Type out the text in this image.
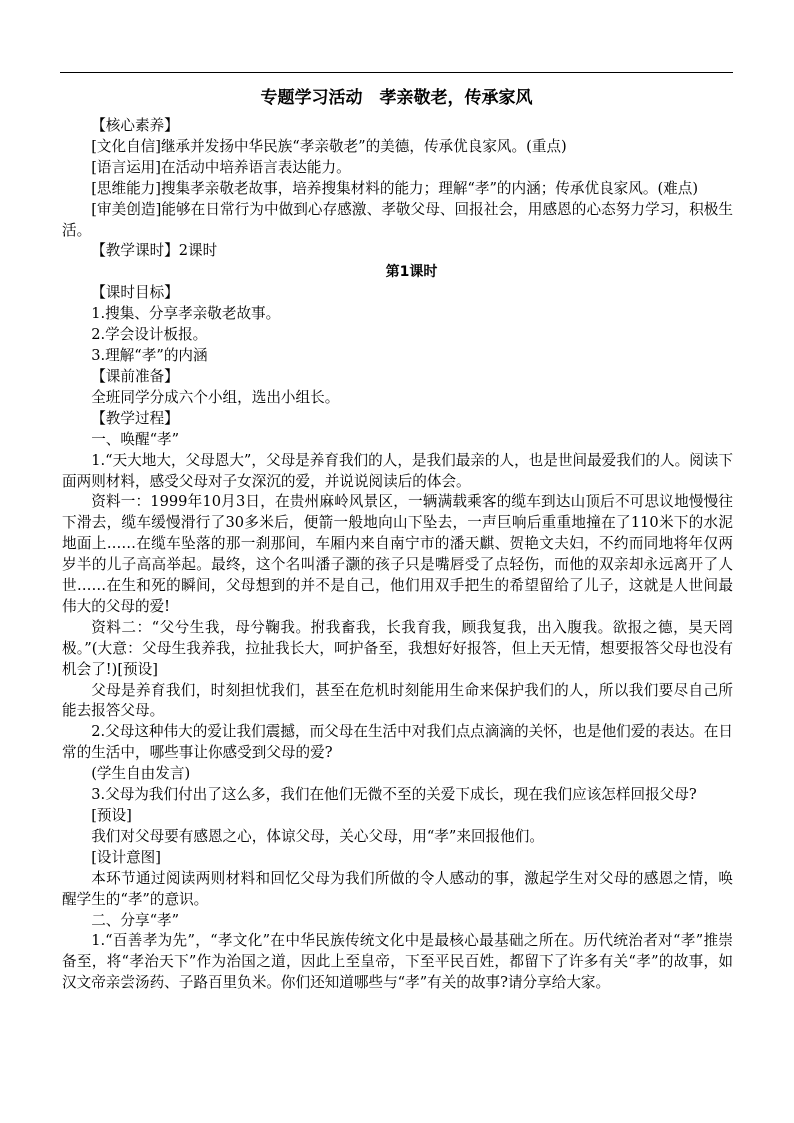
专题学习活动　孝亲敬老，传承家风

【核心素养】

[文化自信]继承并发扬中华民族“孝亲敬老”的美德，传承优良家风。(重点)

[语言运用]在活动中培养语言表达能力。

[思维能力]搜集孝亲敬老故事，培养搜集材料的能力；理解“孝”的内涵；传承优良家风。(难点)

[审美创造]能够在日常行为中做到心存感激、孝敬父母、回报社会，用感恩的心态努力学习，积极生活。

【教学课时】2课时

第1课时

【课时目标】

1.搜集、分享孝亲敬老故事。

2.学会设计板报。

3.理解“孝”的内涵

【课前准备】

全班同学分成六个小组，选出小组长。

【教学过程】

一、唤醒“孝”

1.“天大地大，父母恩大”，父母是养育我们的人，是我们最亲的人，也是世间最爱我们的人。阅读下面两则材料，感受父母对子女深沉的爱，并说说阅读后的体会。

资料一：1999年10月3日，在贵州麻岭风景区，一辆满载乘客的缆车到达山顶后不可思议地慢慢往下滑去，缆车缓慢滑行了30多米后，便箭一般地向山下坠去，一声巨响后重重地撞在了110米下的水泥地面上……在缆车坠落的那一刹那间，车厢内来自南宁市的潘天麒、贺艳文夫妇，不约而同地将年仅两岁半的儿子高高举起。最终，这个名叫潘子灏的孩子只是嘴唇受了点轻伤，而他的双亲却永远离开了人世……在生和死的瞬间，父母想到的并不是自己，他们用双手把生的希望留给了儿子，这就是人世间最伟大的父母的爱!

资料二：“父兮生我，母兮鞠我。拊我畜我，长我育我，顾我复我，出入腹我。欲报之德，昊天罔极。”(大意：父母生我养我，拉扯我长大，呵护备至，我想好好报答，但上天无情，想要报答父母也没有机会了!)[预设]

父母是养育我们，时刻担忧我们，甚至在危机时刻能用生命来保护我们的人，所以我们要尽自己所能去报答父母。

2.父母这种伟大的爱让我们震撼，而父母在生活中对我们点点滴滴的关怀，也是他们爱的表达。在日常的生活中，哪些事让你感受到父母的爱?

(学生自由发言)

3.父母为我们付出了这么多，我们在他们无微不至的关爱下成长，现在我们应该怎样回报父母?

[预设]

我们对父母要有感恩之心，体谅父母，关心父母，用“孝”来回报他们。

[设计意图]

本环节通过阅读两则材料和回忆父母为我们所做的令人感动的事，激起学生对父母的感恩之情，唤醒学生的“孝”的意识。

二、分享“孝”

1.“百善孝为先”，“孝文化”在中华民族传统文化中是最核心最基础之所在。历代统治者对“孝”推崇备至，将“孝治天下”作为治国之道，因此上至皇帝，下至平民百姓，都留下了许多有关“孝”的故事，如汉文帝亲尝汤药、子路百里负米。你们还知道哪些与“孝”有关的故事?请分享给大家。
